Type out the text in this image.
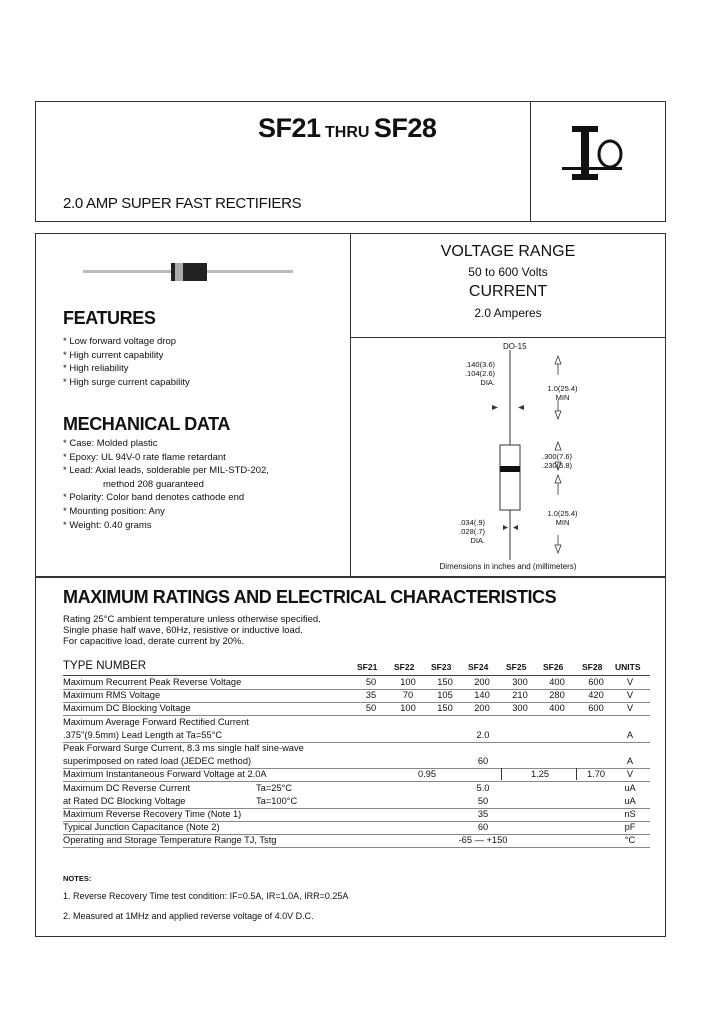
SF21 THRU SF28
2.0 AMP SUPER FAST RECTIFIERS
FEATURES
* Low forward voltage drop
* High current capability
* High reliability
* High surge current capability
MECHANICAL DATA
* Case: Molded plastic
* Epoxy: UL 94V-0 rate flame retardant
* Lead: Axial leads, solderable per MIL-STD-202,
method 208 guaranteed
* Polarity: Color band denotes cathode end
* Mounting position: Any
* Weight: 0.40 grams
VOLTAGE RANGE
50 to 600 Volts
CURRENT
2.0 Amperes
DO-15
.140(3.6)
.104(2.6)
DIA.
1.0(25.4)
MIN
.300(7.6)
.230(5.8)
1.0(25.4)
MIN
.034(.9)
.028(.7)
DIA.
Dimensions in inches and (millimeters)
MAXIMUM RATINGS AND ELECTRICAL CHARACTERISTICS
Rating 25°C ambient temperature unless otherwise specified.
Single phase half wave, 60Hz, resistive or inductive load.
For capacitive load, derate current by 20%.
TYPE NUMBER	SF21 SF22 SF23 SF24 SF25 SF26 SF28 UNITS
Maximum Recurrent Peak Reverse Voltage	50	100 150 200 300 400	600 V
Maximum RMS Voltage	35	70	105 140 210 280	420 V
Maximum DC Blocking Voltage	50	100 150 200 300 400	600 V
Maximum Average Forward Rectified Current
.375"(9.5mm) Lead Length at Ta=55°C	2.0	A
Peak Forward Surge Current, 8.3 ms single half sine-wave
superimposed on rated load (JEDEC method)	60	A
Maximum Instantaneous Forward Voltage at 2.0A	0.95	1.25	1.70 V
Maximum DC Reverse Current	Ta=25°C	5.0	uA
at Rated DC Blocking Voltage	Ta=100°C	50	uA
Maximum Reverse Recovery Time (Note 1)	35	nS
Typical Junction Capacitance (Note 2)	60	pF
Operating and Storage Temperature Range TJ, Tstg	-65 — +150	°C
NOTES:
1. Reverse Recovery Time test condition: IF=0.5A, IR=1.0A, IRR=0.25A
2. Measured at 1MHz and applied reverse voltage of 4.0V D.C.
